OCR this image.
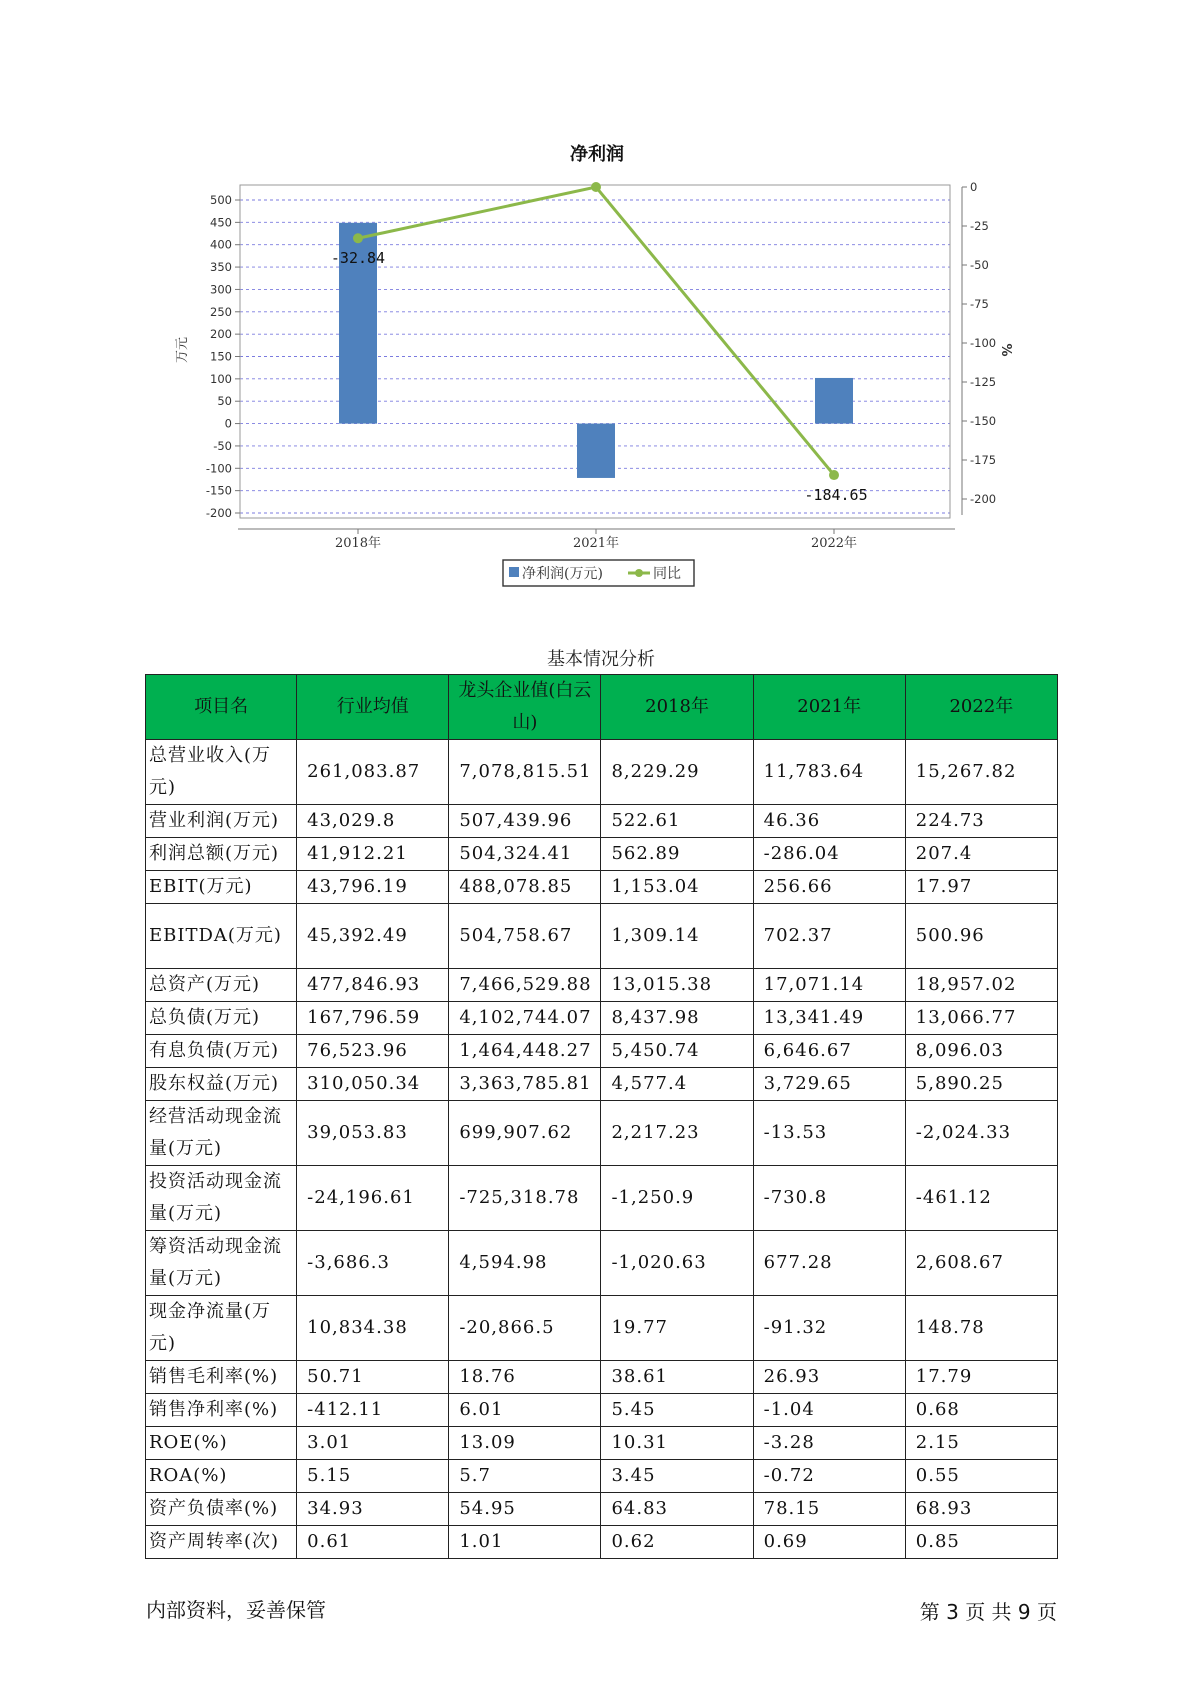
净利润
-32.84
-184.65
500
450
400
350
300
250
200
150
100
50
0
-50
-100
-150
-200
0
-25
-50
-75
-100
-125
-150
-175
-200
2018年	2021年	2022年
万元	%
净利润(万元)	同比
基本情况分析
项目名	行业均值	龙头企业值(白云山)	2018年	2021年	2022年
总营业收入(万元)	261,083.87	7,078,815.51	8,229.29	11,783.64	15,267.82
营业利润(万元)	43,029.8	507,439.96	522.61	46.36	224.73
利润总额(万元)	41,912.21	504,324.41	562.89	-286.04	207.4
EBIT(万元)	43,796.19	488,078.85	1,153.04	256.66	17.97
EBITDA(万元)	45,392.49	504,758.67	1,309.14	702.37	500.96
总资产(万元)	477,846.93	7,466,529.88	13,015.38	17,071.14	18,957.02
总负债(万元)	167,796.59	4,102,744.07	8,437.98	13,341.49	13,066.77
有息负债(万元)	76,523.96	1,464,448.27	5,450.74	6,646.67	8,096.03
股东权益(万元)	310,050.34	3,363,785.81	4,577.4	3,729.65	5,890.25
经营活动现金流量(万元)	39,053.83	699,907.62	2,217.23	-13.53	-2,024.33
投资活动现金流量(万元)	-24,196.61	-725,318.78	-1,250.9	-730.8	-461.12
筹资活动现金流量(万元)	-3,686.3	4,594.98	-1,020.63	677.28	2,608.67
现金净流量(万元)	10,834.38	-20,866.5	19.77	-91.32	148.78
销售毛利率(%)	50.71	18.76	38.61	26.93	17.79
销售净利率(%)	-412.11	6.01	5.45	-1.04	0.68
ROE(%)	3.01	13.09	10.31	-3.28	2.15
ROA(%)	5.15	5.7	3.45	-0.72	0.55
资产负债率(%)	34.93	54.95	64.83	78.15	68.93
资产周转率(次)	0.61	1.01	0.62	0.69	0.85
内部资料，妥善保管	第 3 页 共 9 页
